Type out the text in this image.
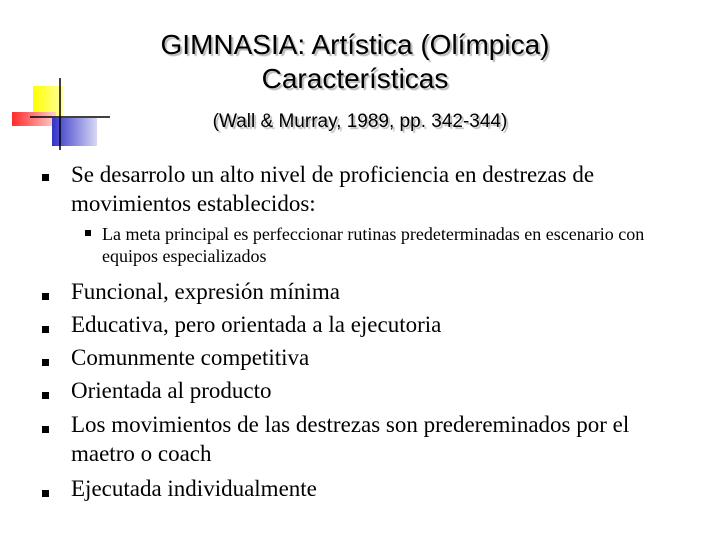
GIMNASIA: Artística (Olímpica)
Características
(Wall & Murray, 1989, pp. 342-344)
Se desarrolo un alto nivel de proficiencia en destrezas de movimientos establecidos:
La meta principal es perfeccionar rutinas predeterminadas en escenario con equipos especializados
Funcional, expresión mínima
Educativa, pero orientada a la ejecutoria
Comunmente competitiva
Orientada al producto
Los movimientos de las destrezas son predereminados por el maetro o coach
Ejecutada individualmente
